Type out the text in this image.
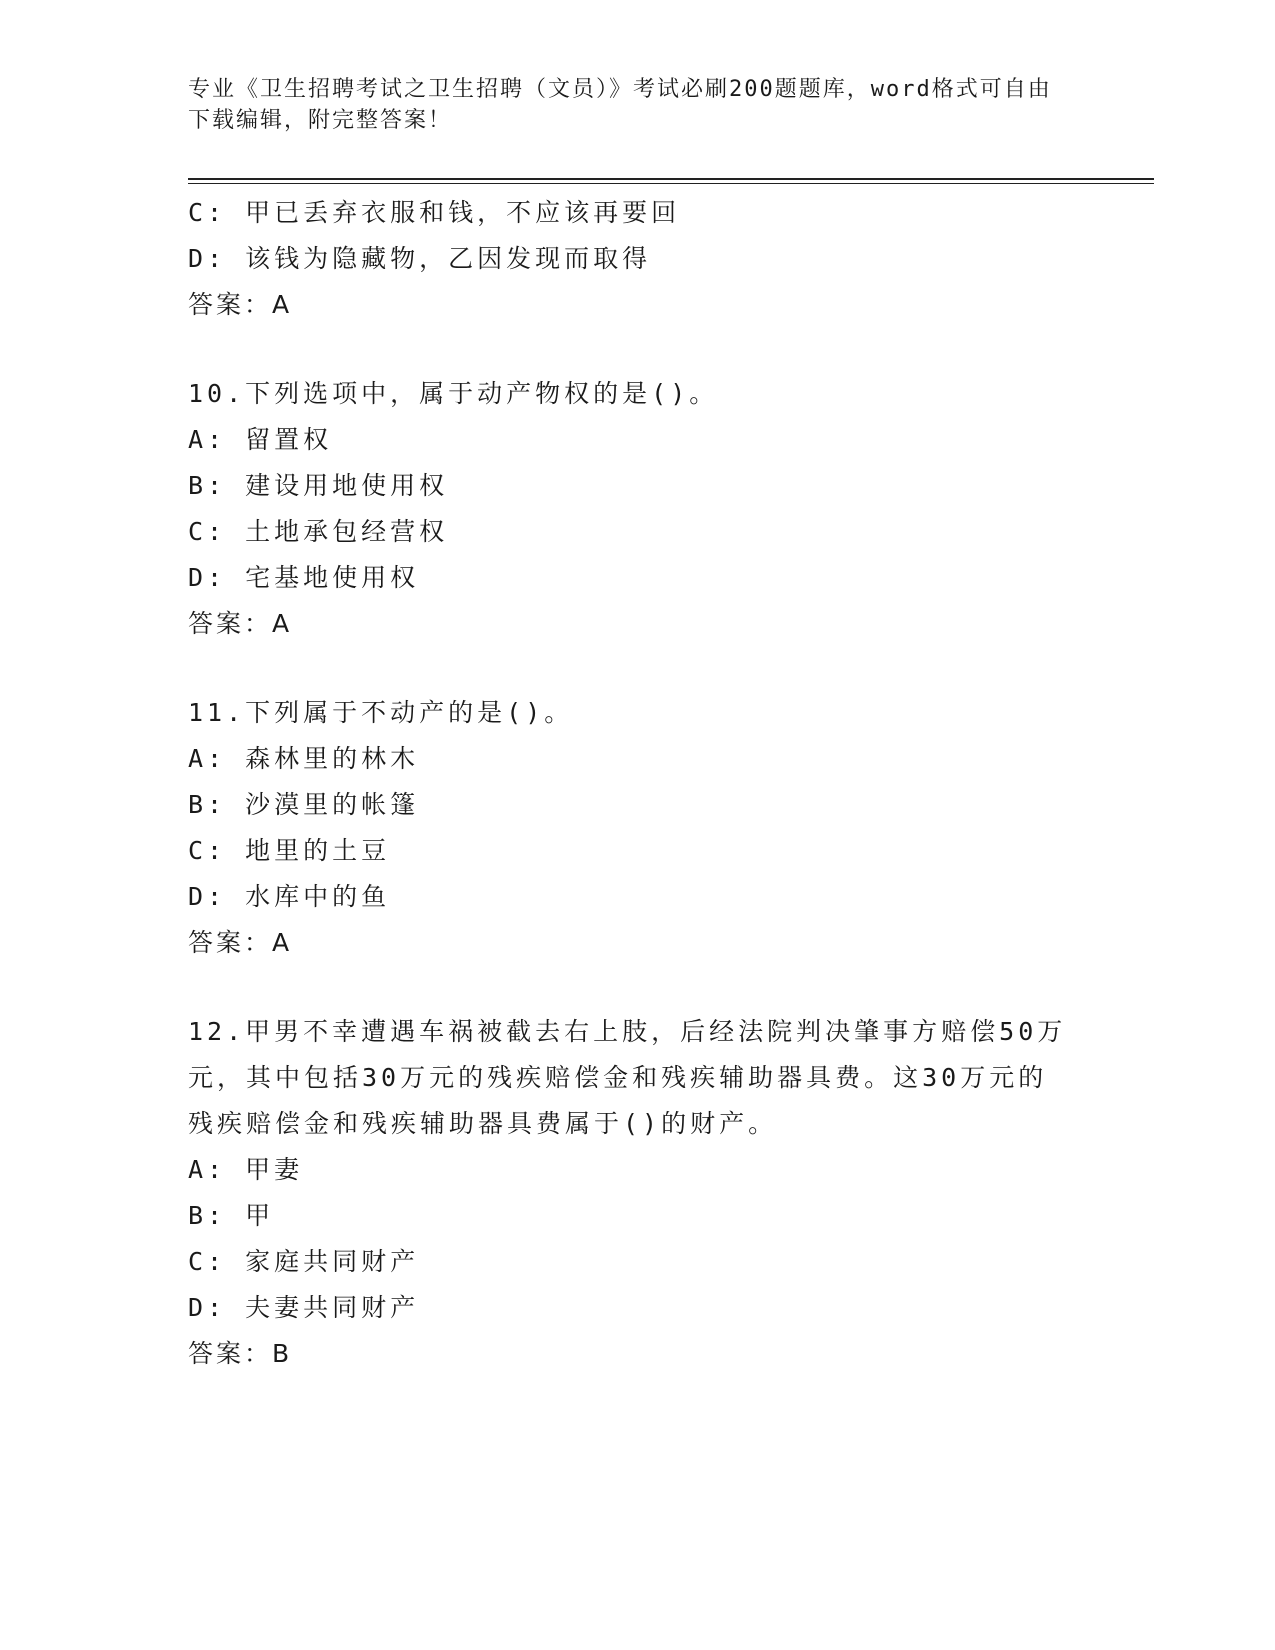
专业《卫生招聘考试之卫生招聘（文员）》考试必刷200题题库，word格式可自由下载编辑，附完整答案！
C: 甲已丢弃衣服和钱，不应该再要回
D: 该钱为隐藏物，乙因发现而取得
答案：A
10.下列选项中，属于动产物权的是()。
A: 留置权
B: 建设用地使用权
C: 土地承包经营权
D: 宅基地使用权
答案：A
11.下列属于不动产的是()。
A: 森林里的林木
B: 沙漠里的帐篷
C: 地里的土豆
D: 水库中的鱼
答案：A
12.甲男不幸遭遇车祸被截去右上肢，后经法院判决肇事方赔偿50万元，其中包括30万元的残疾赔偿金和残疾辅助器具费。这30万元的残疾赔偿金和残疾辅助器具费属于()的财产。
A: 甲妻
B: 甲
C: 家庭共同财产
D: 夫妻共同财产
答案：B
